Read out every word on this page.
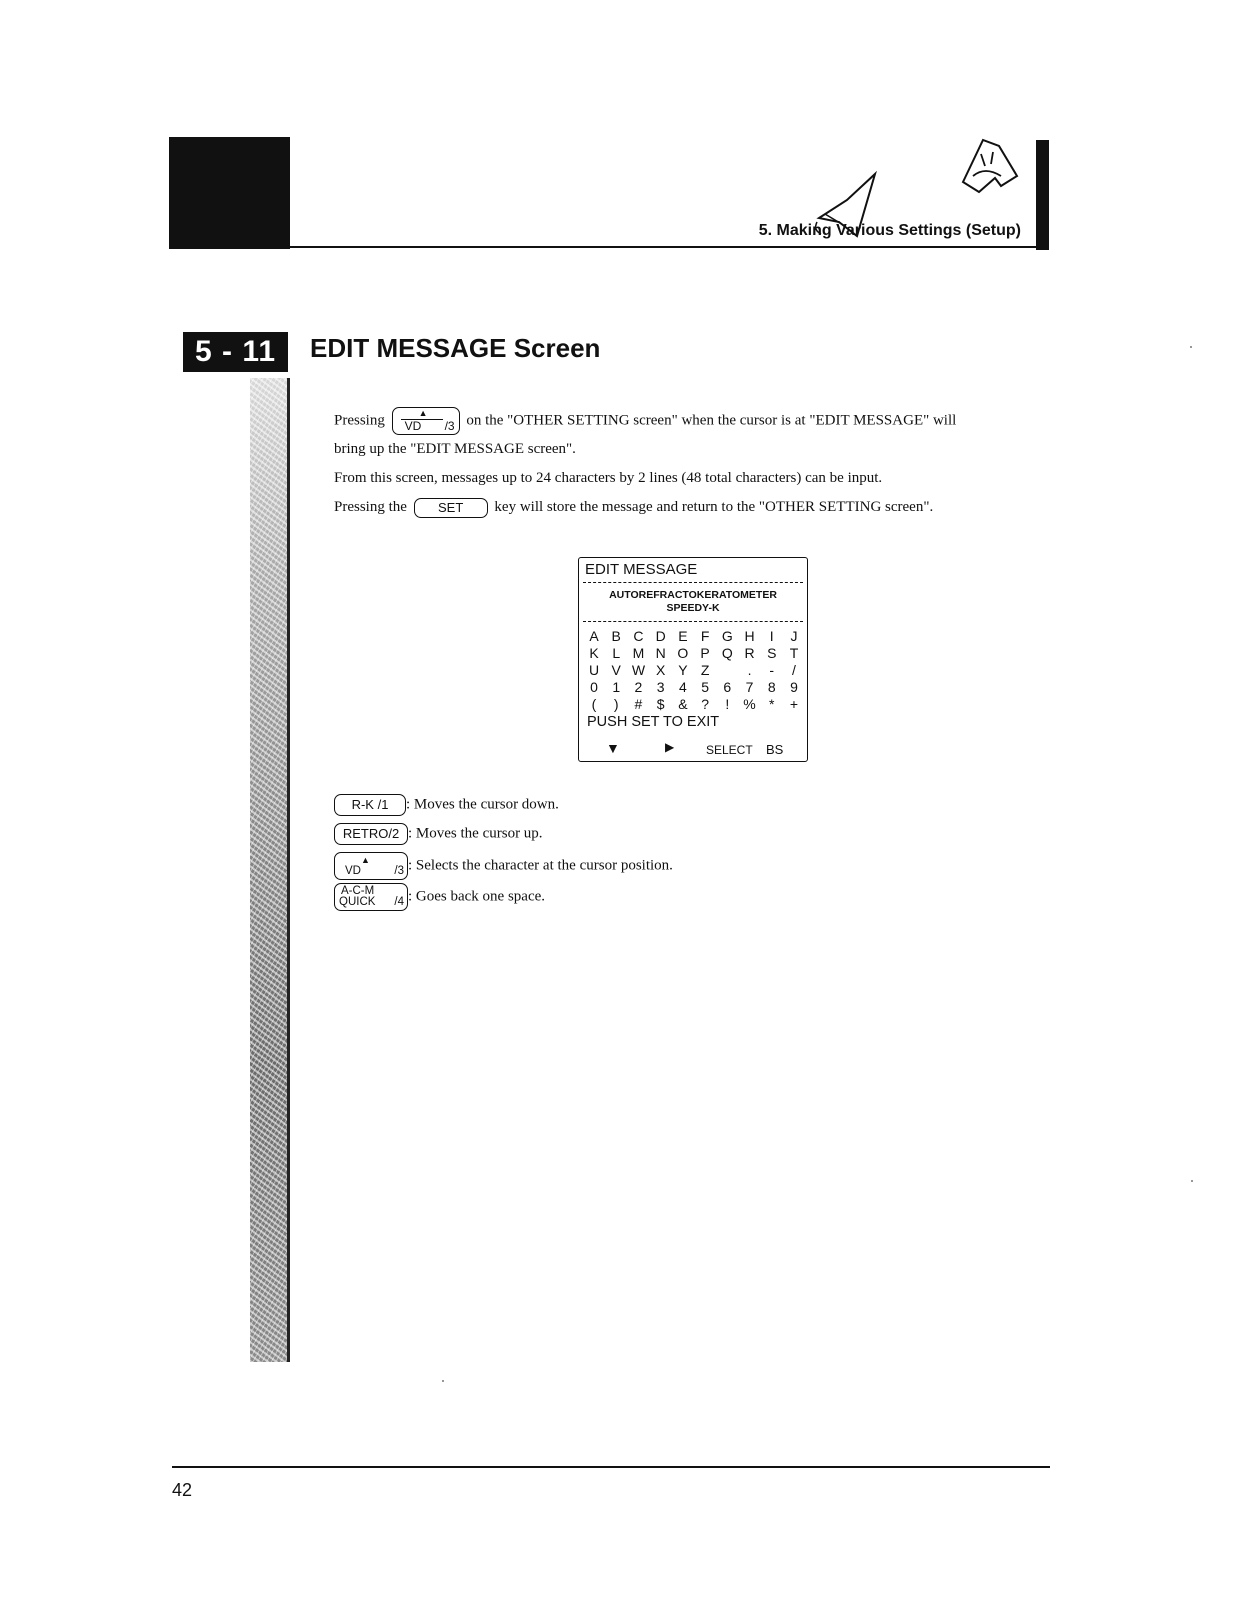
5. Making Various Settings (Setup)
5 - 11	EDIT MESSAGE Screen
Pressing	▲
VD /3 on the "OTHER SETTING screen" when the cursor is at "EDIT MESSAGE" will
bring up the "EDIT MESSAGE screen".
From this screen, messages up to 24 characters by 2 lines (48 total characters) can be input.
Pressing the SET key will store the message and return to the "OTHER SETTING screen".
EDIT MESSAGE
AUTOREFRACTOKERATOMETER
SPEEDY-K
A B C D E F G H	I	J
K L M N O P Q R S T
U V W X Y Z	.	-	/
0 1 2 3 4 5 6 7 8 9
(	)	# $ & ?	!	% *	+
PUSH SET TO EXIT
▼	▶	SELECT BS
R-K /1 : Moves the cursor down.
RETRO/2 : Moves the cursor up.
▲
VD	/3 : Selects the character at the cursor position.
A-C-M
QUICK /4 : Goes back one space.
42
